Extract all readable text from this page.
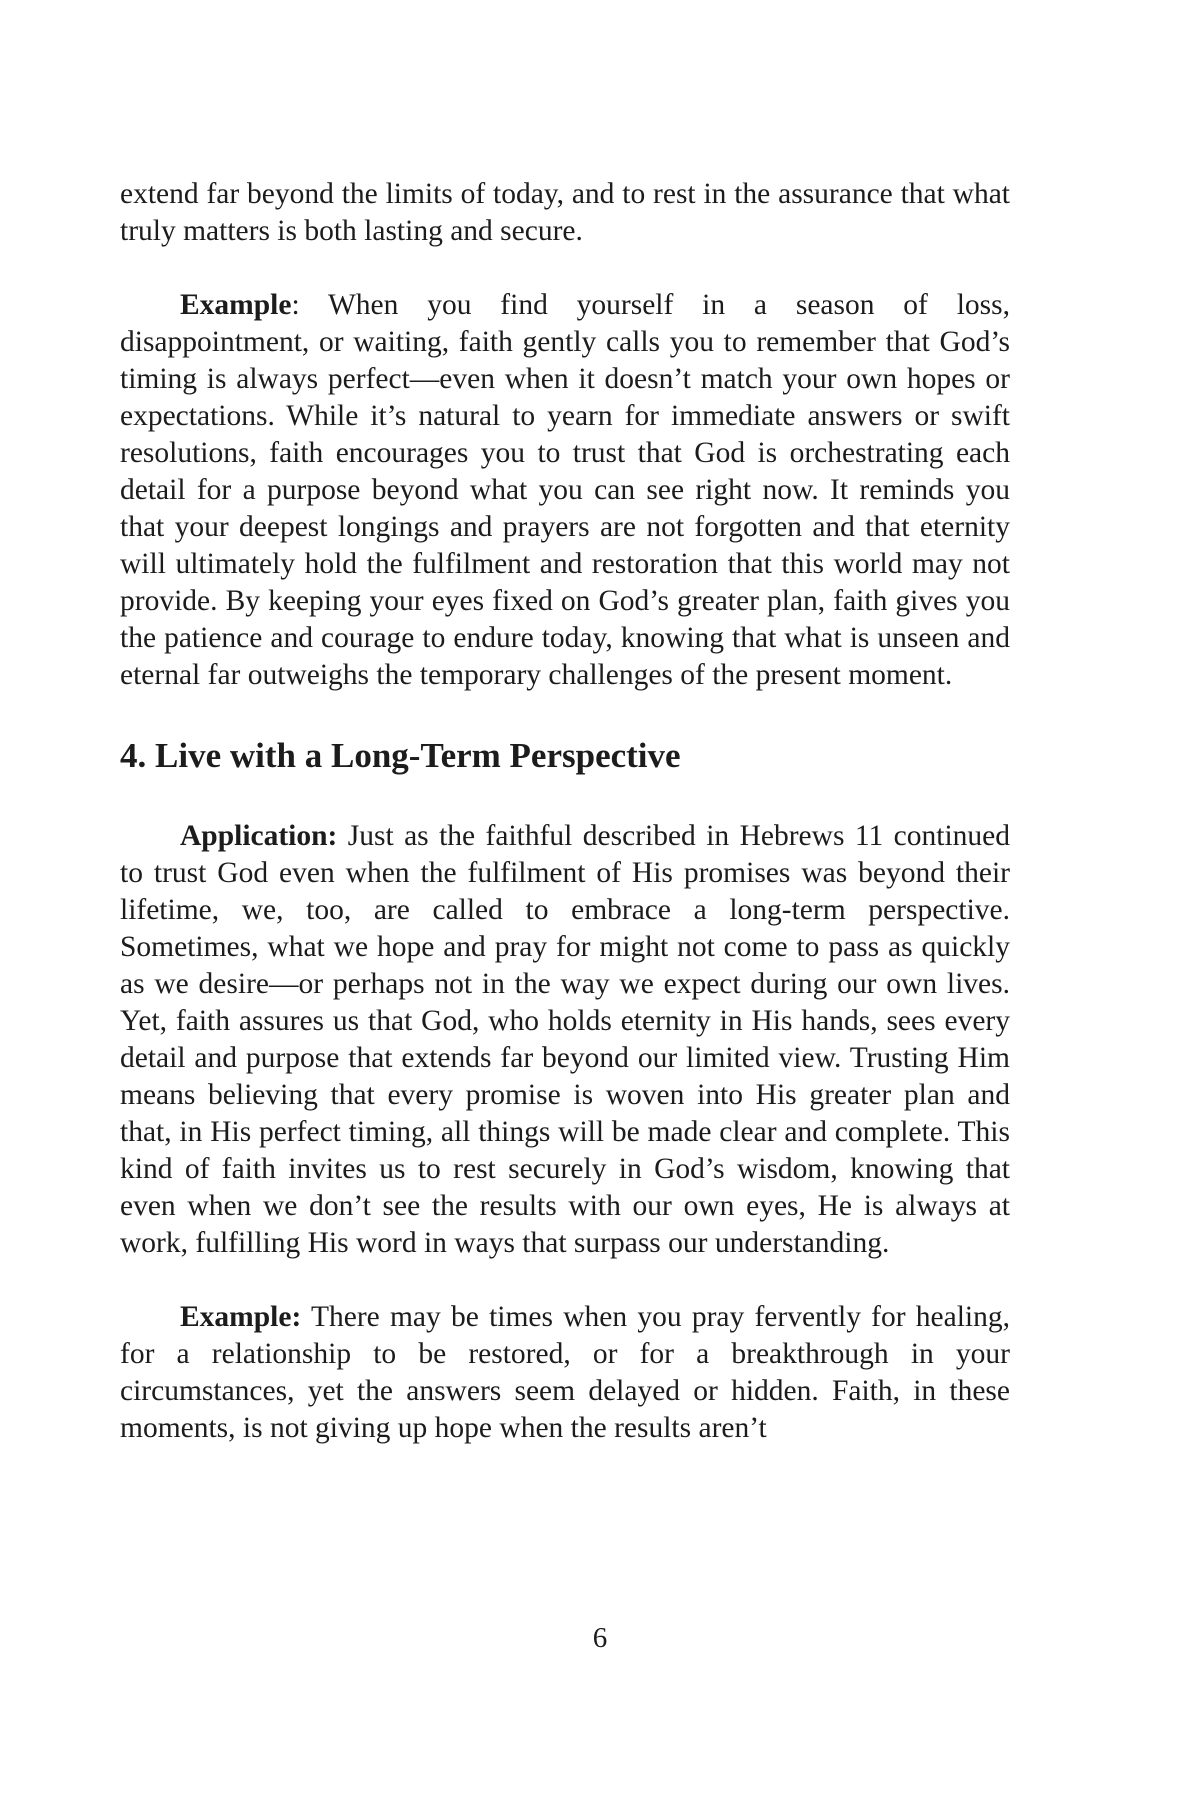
extend far beyond the limits of today, and to rest in the assurance that what truly matters is both lasting and secure.

Example: When you find yourself in a season of loss, disappointment, or waiting, faith gently calls you to remember that God’s timing is always perfect—even when it doesn’t match your own hopes or expectations. While it’s natural to yearn for immediate answers or swift resolutions, faith encourages you to trust that God is orchestrating each detail for a purpose beyond what you can see right now. It reminds you that your deepest longings and prayers are not forgotten and that eternity will ultimately hold the fulfilment and restoration that this world may not provide. By keeping your eyes fixed on God’s greater plan, faith gives you the patience and courage to endure today, knowing that what is unseen and eternal far outweighs the temporary challenges of the present moment.

4. Live with a Long-Term Perspective

Application: Just as the faithful described in Hebrews 11 continued to trust God even when the fulfilment of His promises was beyond their lifetime, we, too, are called to embrace a long-term perspective. Sometimes, what we hope and pray for might not come to pass as quickly as we desire—or perhaps not in the way we expect during our own lives. Yet, faith assures us that God, who holds eternity in His hands, sees every detail and purpose that extends far beyond our limited view. Trusting Him means believing that every promise is woven into His greater plan and that, in His perfect timing, all things will be made clear and complete. This kind of faith invites us to rest securely in God’s wisdom, knowing that even when we don’t see the results with our own eyes, He is always at work, fulfilling His word in ways that surpass our understanding.

Example: There may be times when you pray fervently for healing, for a relationship to be restored, or for a breakthrough in your circumstances, yet the answers seem delayed or hidden. Faith, in these moments, is not giving up hope when the results aren’t

6
